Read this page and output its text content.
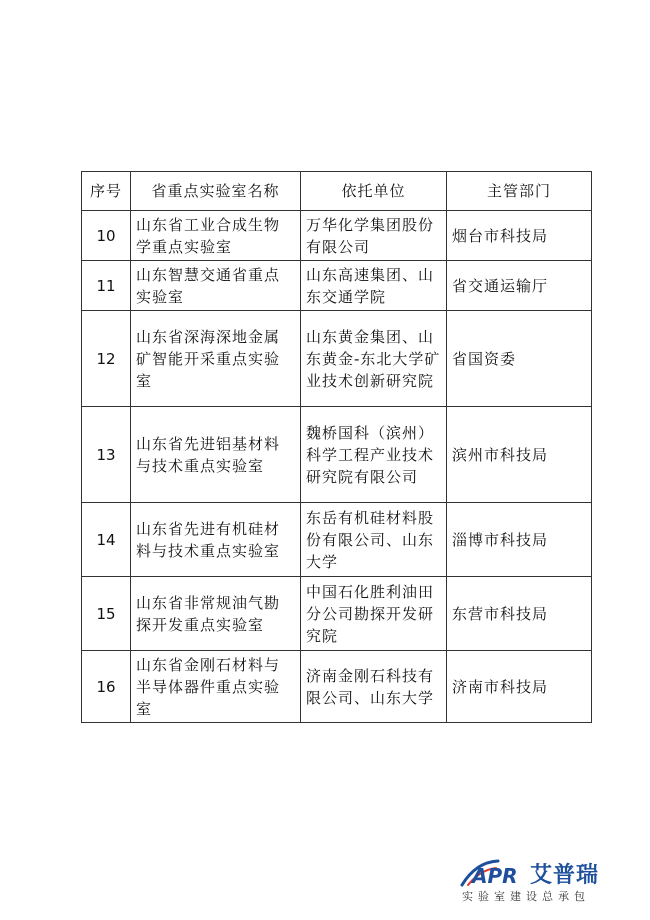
序号	省重点实验室名称	依托单位	主管部门
10	山东省工业合成生物学重点实验室	万华化学集团股份有限公司	烟台市科技局
11	山东智慧交通省重点实验室	山东高速集团、山东交通学院	省交通运输厅
12	山东省深海深地金属矿智能开采重点实验室	山东黄金集团、山东黄金-东北大学矿业技术创新研究院	省国资委
13	山东省先进铝基材料与技术重点实验室	魏桥国科（滨州）科学工程产业技术研究院有限公司	滨州市科技局
14	山东省先进有机硅材料与技术重点实验室	东岳有机硅材料股份有限公司、山东大学	淄博市科技局
15	山东省非常规油气勘探开发重点实验室	中国石化胜利油田分公司勘探开发研究院	东营市科技局
16	山东省金刚石材料与半导体器件重点实验室	济南金刚石科技有限公司、山东大学	济南市科技局
APR 艾普瑞
实验室建设总承包
